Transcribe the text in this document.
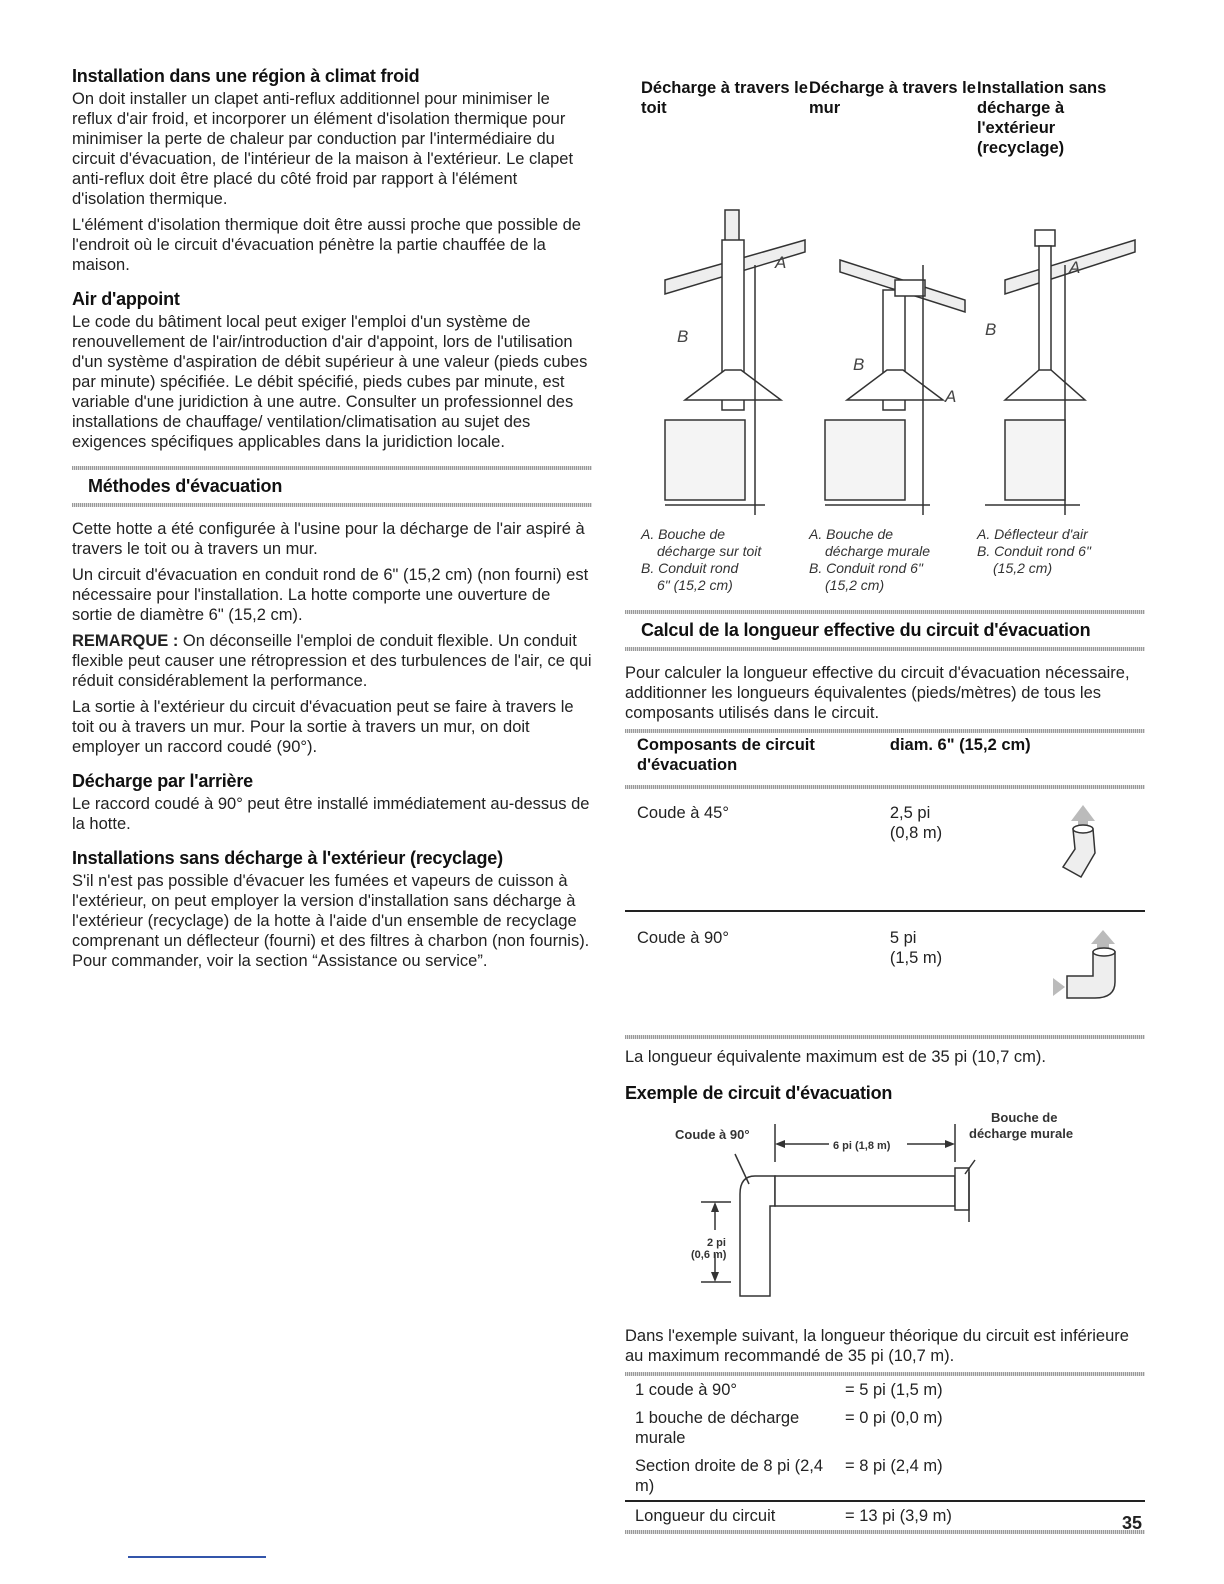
Installation dans une région à climat froid

On doit installer un clapet anti-reflux additionnel pour minimiser le reflux d'air froid, et incorporer un élément d'isolation thermique pour minimiser la perte de chaleur par conduction par l'intermédiaire du circuit d'évacuation, de l'intérieur de la maison à l'extérieur. Le clapet anti-reflux doit être placé du côté froid par rapport à l'élément d'isolation thermique.

L'élément d'isolation thermique doit être aussi proche que possible de l'endroit où le circuit d'évacuation pénètre la partie chauffée de la maison.

Air d'appoint

Le code du bâtiment local peut exiger l'emploi d'un système de renouvellement de l'air/introduction d'air d'appoint, lors de l'utilisation d'un système d'aspiration de débit supérieur à une valeur (pieds cubes par minute) spécifiée. Le débit spécifié, pieds cubes par minute, est variable d'une juridiction à une autre. Consulter un professionnel des installations de chauffage/ ventilation/climatisation au sujet des exigences spécifiques applicables dans la juridiction locale.

Méthodes d'évacuation

Cette hotte a été configurée à l'usine pour la décharge de l'air aspiré à travers le toit ou à travers un mur.

Un circuit d'évacuation en conduit rond de 6" (15,2 cm) (non fourni) est nécessaire pour l'installation. La hotte comporte une ouverture de sortie de diamètre 6" (15,2 cm).

REMARQUE : On déconseille l'emploi de conduit flexible. Un conduit flexible peut causer une rétropression et des turbulences de l'air, ce qui réduit considérablement la performance.

La sortie à l'extérieur du circuit d'évacuation peut se faire à travers le toit ou à travers un mur. Pour la sortie à travers un mur, on doit employer un raccord coudé (90°).

Décharge par l'arrière

Le raccord coudé à 90° peut être installé immédiatement au-dessus de la hotte.

Installations sans décharge à l'extérieur (recyclage)

S'il n'est pas possible d'évacuer les fumées et vapeurs de cuisson à l'extérieur, on peut employer la version d'installation sans décharge à l'extérieur (recyclage) de la hotte à l'aide d'un ensemble de recyclage comprenant un déflecteur (fourni) et des filtres à charbon (non fournis). Pour commander, voir la section “Assistance ou service”.

Décharge à travers le toit
Décharge à travers le mur
Installation sans décharge à l'extérieur (recyclage)
A
B
B
A
A
B
A. Bouche de
décharge sur toit
B. Conduit rond
6" (15,2 cm)
A. Bouche de
décharge murale
B. Conduit rond 6"
(15,2 cm)
A. Déflecteur d'air
B. Conduit rond 6"
(15,2 cm)
Calcul de la longueur effective du circuit d'évacuation

Pour calculer la longueur effective du circuit d'évacuation nécessaire, additionner les longueurs équivalentes (pieds/mètres) de tous les composants utilisés dans le circuit.

Composants de circuit d'évacuation	diam. 6" (15,2 cm)	

Coude à 45°	2,5 pi
(0,8 m)

Coude à 90°	5 pi
(1,5 m)

La longueur équivalente maximum est de 35 pi (10,7 cm).

Exemple de circuit d'évacuation
Coude à 90°
6 pi (1,8 m)
Bouche de
décharge murale
2 pi
(0,6 m)

Dans l'exemple suivant, la longueur théorique du circuit est inférieure au maximum recommandé de 35 pi (10,7 m).

1 coude à 90°	= 5 pi (1,5 m)
1 bouche de décharge murale	= 0 pi (0,0 m)
Section droite de 8 pi (2,4 m)	= 8 pi (2,4 m)

Longueur du circuit	= 13 pi (3,9 m)	35
